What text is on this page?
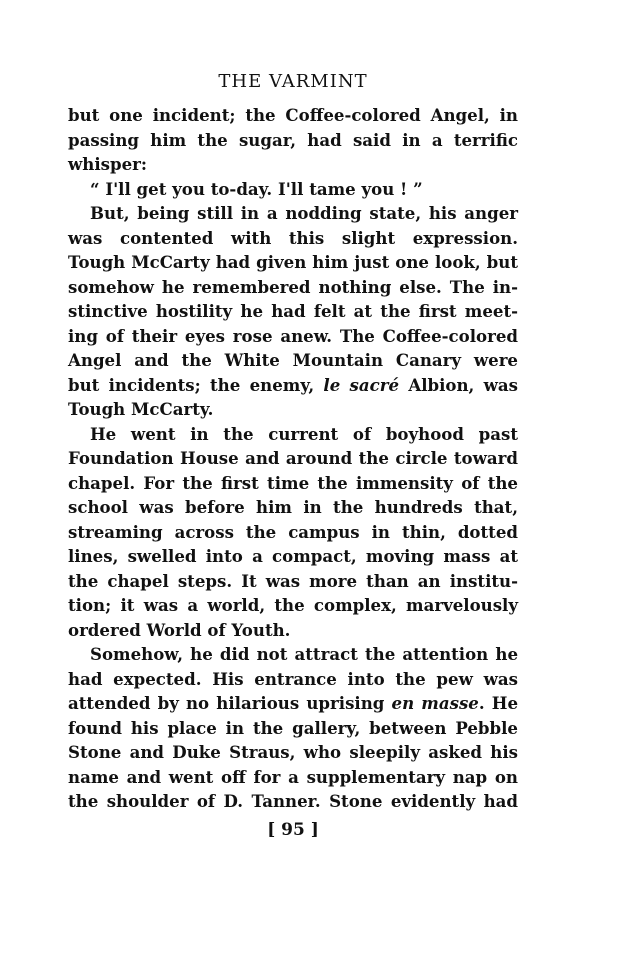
THE VARMINT
but one incident; the Coffee-colored Angel, in
passing him the sugar, had said in a terrific
whisper:
“ I'll get you to-day. I'll tame you ! ”
But, being still in a nodding state, his anger
was contented with this slight expression.
Tough McCarty had given him just one look, but
somehow he remembered nothing else. The in-
stinctive hostility he had felt at the first meet-
ing of their eyes rose anew. The Coffee-colored
Angel and the White Mountain Canary were
but incidents; the enemy, le sacré Albion, was
Tough McCarty.
He went in the current of boyhood past
Foundation House and around the circle toward
chapel. For the first time the immensity of the
school was before him in the hundreds that,
streaming across the campus in thin, dotted
lines, swelled into a compact, moving mass at
the chapel steps. It was more than an institu-
tion; it was a world, the complex, marvelously
ordered World of Youth.
Somehow, he did not attract the attention he
had expected. His entrance into the pew was
attended by no hilarious uprising en masse. He
found his place in the gallery, between Pebble
Stone and Duke Straus, who sleepily asked his
name and went off for a supplementary nap on
the shoulder of D. Tanner. Stone evidently had
[ 95 ]
